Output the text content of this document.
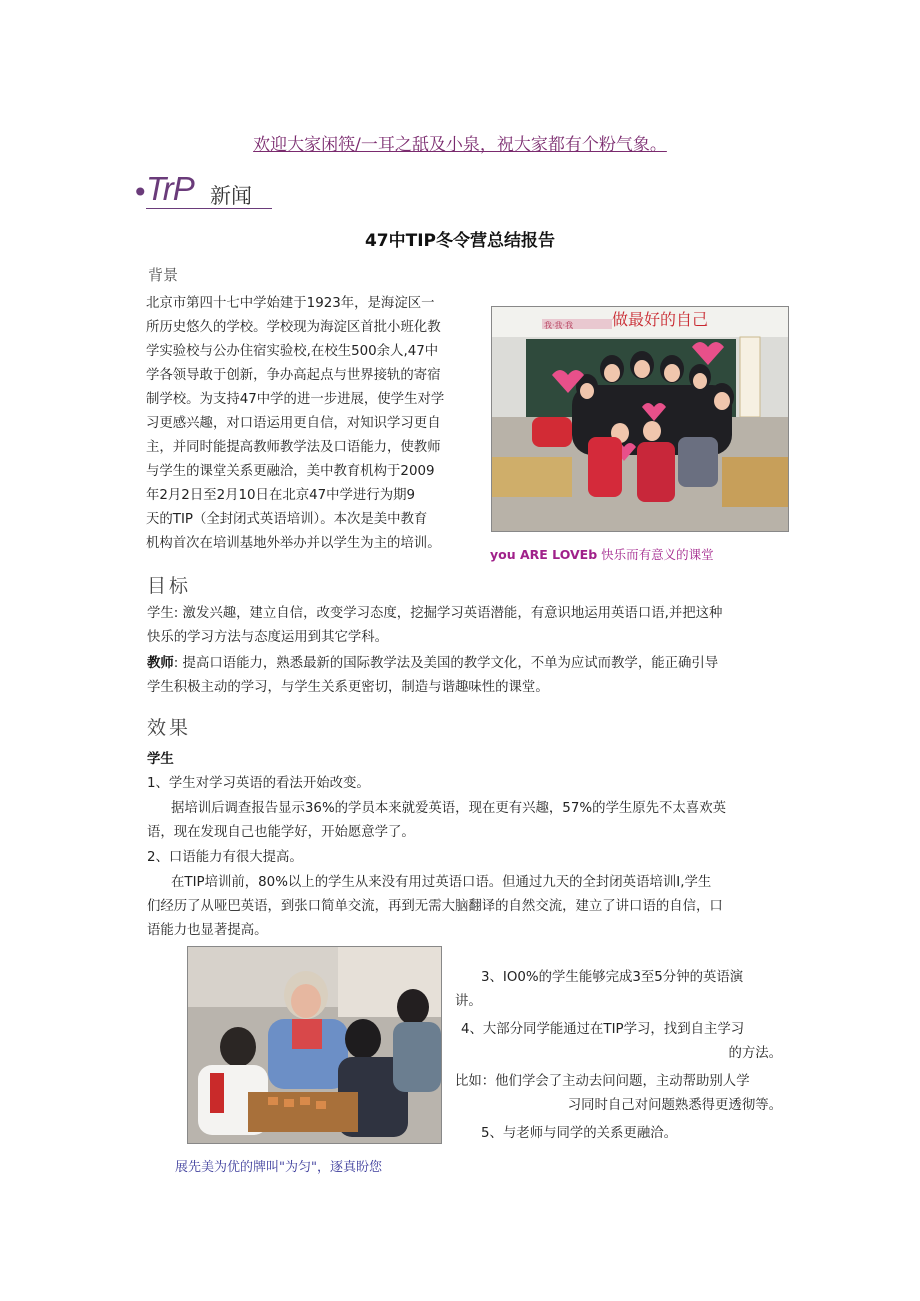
欢迎大家闲筷/一耳之舐及小泉，祝大家都有个粉气象。
•
TrP 新闻
47中TIP冬令营总结报告
背景
北京市第四十七中学始建于1923年，是海淀区一
所历史悠久的学校。学校现为海淀区首批小班化教
学实验校与公办住宿实验校,在校生500余人,47中
学各领导敢于创新，争办高起点与世界接轨的寄宿
制学校。为支持47中学的进一步进展，使学生对学
习更感兴趣，对口语运用更自信，对知识学习更自
主，并同时能提高教师教学法及口语能力，使教师
与学生的课堂关系更融洽，美中教育机构于2009
年2月2日至2月10日在北京47中学进行为期9
天的TIP（全封闭式英语培训）。本次是美中教育
机构首次在培训基地外举办并以学生为主的培训。
做最好的自己
我·我·我
you ARE LOVEb 快乐而有意义的课堂
目标
学生: 激发兴趣，建立自信，改变学习态度，挖掘学习英语潜能，有意识地运用英语口语,并把这种
快乐的学习方法与态度运用到其它学科。
教师: 提高口语能力，熟悉最新的国际教学法及美国的教学文化，不单为应试而教学，能正确引导
学生积极主动的学习，与学生关系更密切，制造与谐趣味性的课堂。
效果
学生
1、学生对学习英语的看法开始改变。
据培训后调查报告显示36%的学员本来就爱英语，现在更有兴趣，57%的学生原先不太喜欢英
语，现在发现自己也能学好，开始愿意学了。
2、口语能力有很大提高。
在TIP培训前，80%以上的学生从来没有用过英语口语。但通过九天的全封闭英语培训I,学生
们经历了从哑巴英语，到张口简单交流，再到无需大脑翻译的自然交流，建立了讲口语的自信，口
语能力也显著提高。
展先美为优的牌叫"为匀"，逐真盼您
3、IO0%的学生能够完成3至5分钟的英语演
讲。
4、大部分同学能通过在TIP学习，找到自主学习
的方法。
比如：他们学会了主动去问问题，主动帮助别人学
习同时自己对问题熟悉得更透彻等。
5、与老师与同学的关系更融洽。
